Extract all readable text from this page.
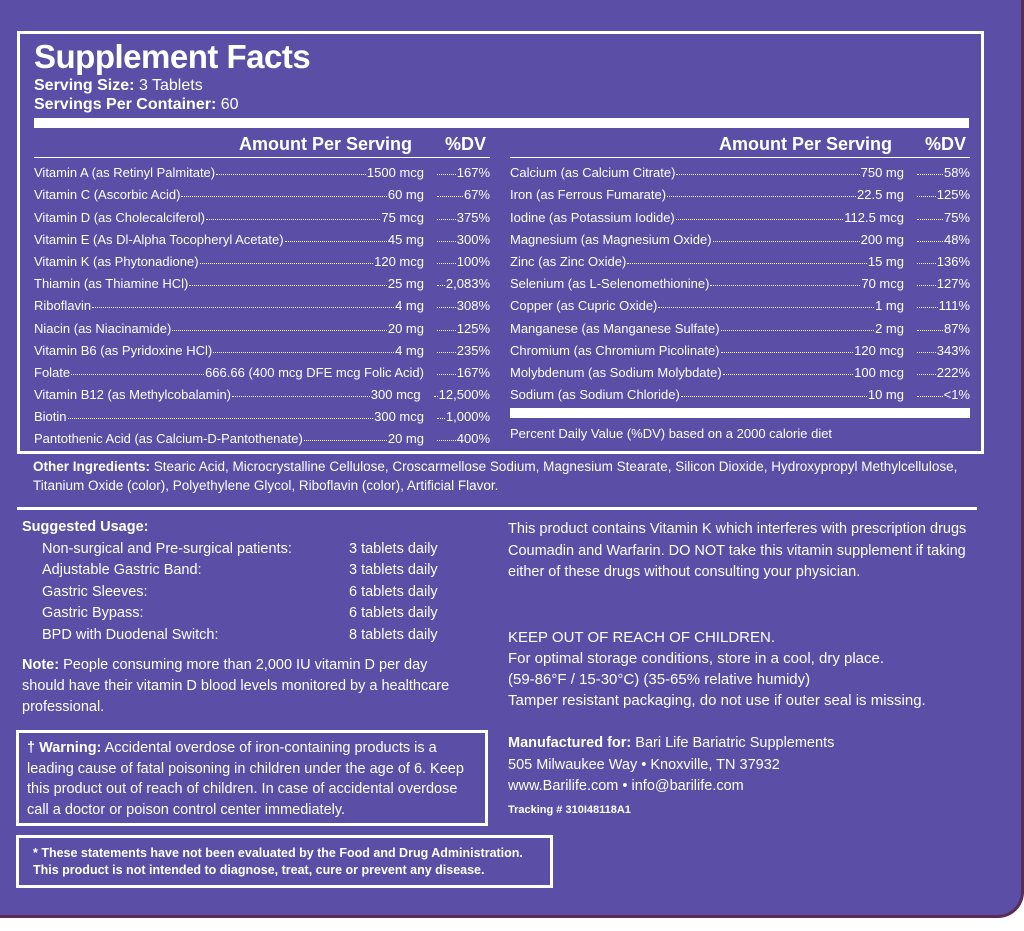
Supplement Facts
Serving Size: 3 Tablets
Servings Per Container: 60
Amount Per Serving	%DV
Vitamin A (as Retinyl Palmitate)	1500 mcg	167%
Vitamin C (Ascorbic Acid)	60 mg	67%
Vitamin D (as Cholecalciferol)	75 mcg	375%
Vitamin E (As Dl-Alpha Tocopheryl Acetate)	45 mg	300%
Vitamin K (as Phytonadione)	120 mcg	100%
Thiamin (as Thiamine HCl)	25 mg 2,083%
Riboflavin	4 mg	308%
Niacin (as Niacinamide)	20 mg	125%
Vitamin B6 (as Pyridoxine HCl)	4 mg	235%
Folate	666.66 (400 mcg DFE mcg Folic Acid)	167%
Vitamin B12 (as Methylcobalamin)	300 mcg 12,500%
Biotin	300 mcg 1,000%
Pantothenic Acid (as Calcium-D-Pantothenate)	20 mg	400%
Amount Per Serving	%DV
Calcium (as Calcium Citrate)	750 mg	58%
Iron (as Ferrous Fumarate)	22.5 mg	125%
Iodine (as Potassium Iodide)	112.5 mcg	75%
Magnesium (as Magnesium Oxide)	200 mg	48%
Zinc (as Zinc Oxide)	15 mg	136%
Selenium (as L-Selenomethionine)	70 mcg	127%
Copper (as Cupric Oxide)	1 mg	111%
Manganese (as Manganese Sulfate)	2 mg	87%
Chromium (as Chromium Picolinate)	120 mcg	343%
Molybdenum (as Sodium Molybdate)	100 mcg	222%
Sodium (as Sodium Chloride)	10 mg	<1%
Percent Daily Value (%DV) based on a 2000 calorie diet
Other Ingredients: Stearic Acid, Microcrystalline Cellulose, Croscarmellose Sodium, Magnesium Stearate, Silicon Dioxide, Hydroxypropyl Methylcellulose, Titanium Oxide (color), Polyethylene Glycol, Riboflavin (color), Artificial Flavor.
Suggested Usage:
Non-surgical and Pre-surgical patients:	3 tablets daily
Adjustable Gastric Band:	3 tablets daily
Gastric Sleeves:	6 tablets daily
Gastric Bypass:	6 tablets daily
BPD with Duodenal Switch:	8 tablets daily
Note: People consuming more than 2,000 IU vitamin D per day should have their vitamin D blood levels monitored by a healthcare professional.
† Warning: Accidental overdose of iron-containing products is a leading cause of fatal poisoning in children under the age of 6. Keep this product out of reach of children. In case of accidental overdose call a doctor or poison control center immediately.
* These statements have not been evaluated by the Food and Drug Administration.
This product is not intended to diagnose, treat, cure or prevent any disease.
This product contains Vitamin K which interferes with prescription drugs Coumadin and Warfarin. DO NOT take this vitamin supplement if taking either of these drugs without consulting your physician.
KEEP OUT OF REACH OF CHILDREN.
For optimal storage conditions, store in a cool, dry place.
(59-86°F / 15-30°C) (35-65% relative humidy)
Tamper resistant packaging, do not use if outer seal is missing.
Manufactured for: Bari Life Bariatric Supplements
505 Milwaukee Way • Knoxville, TN 37932
www.Barilife.com • info@barilife.com
Tracking # 310I48118A1
